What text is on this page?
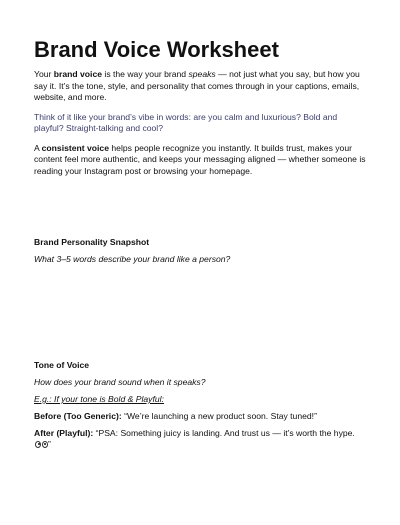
Brand Voice Worksheet

Your brand voice is the way your brand speaks — not just what you say, but how you say it. It’s the tone, style, and personality that comes through in your captions, emails, website, and more.

Think of it like your brand’s vibe in words: are you calm and luxurious? Bold and playful? Straight-talking and cool?

A consistent voice helps people recognize you instantly. It builds trust, makes your content feel more authentic, and keeps your messaging aligned — whether someone is reading your Instagram post or browsing your homepage.

Brand Personality Snapshot

What 3–5 words describe your brand like a person?

Tone of Voice

How does your brand sound when it speaks?

E.g.: If your tone is Bold & Playful:

Before (Too Generic): “We’re launching a new product soon. Stay tuned!”

After (Playful): “PSA: Something juicy is landing. And trust us — it’s worth the hype.”
